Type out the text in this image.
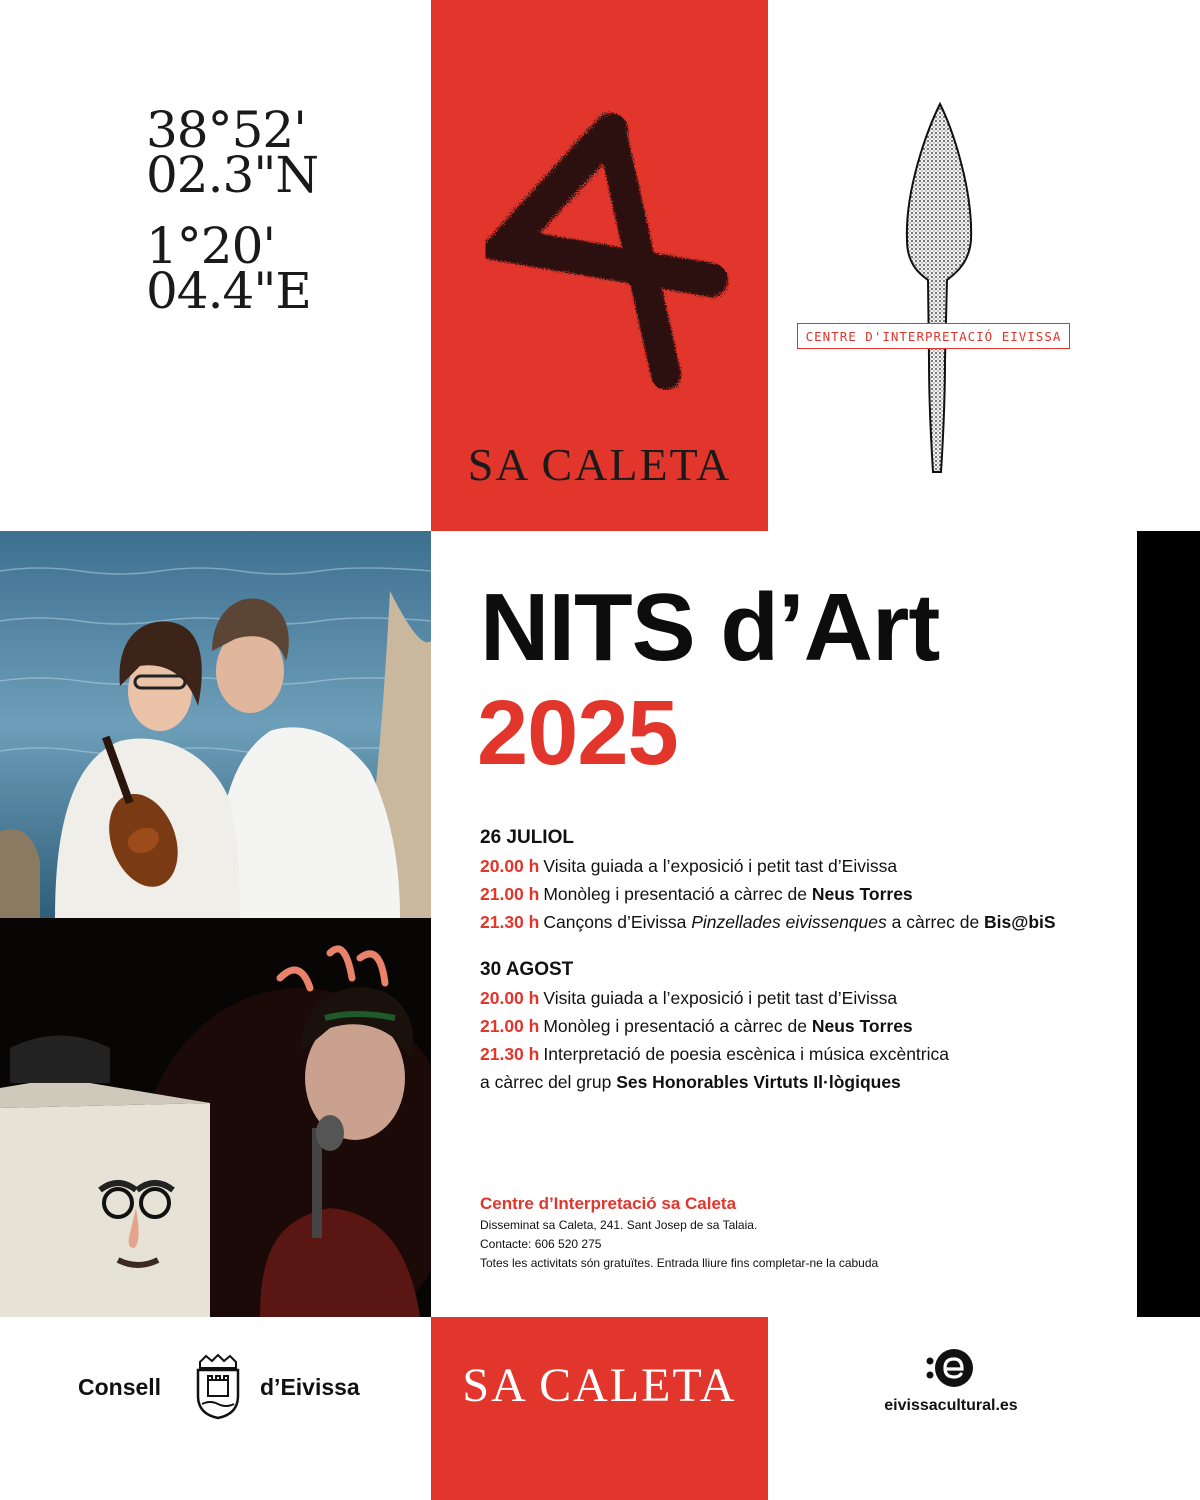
38°52'
02.3"N
1°20'
04.4"E
SA CALETA
CENTRE D'INTERPRETACIÓ EIVISSA
NITS d’Art
2025
26 JULIOL
20.00 h Visita guiada a l’exposició i petit tast d’Eivissa
21.00 h Monòleg i presentació a càrrec de Neus Torres
21.30 h Cançons d’Eivissa Pinzellades eivissenques a càrrec de Bis@biS
30 AGOST
20.00 h Visita guiada a l’exposició i petit tast d’Eivissa
21.00 h Monòleg i presentació a càrrec de Neus Torres
21.30 h Interpretació de poesia escènica i música excèntrica
a càrrec del grup Ses Honorables Virtuts Il·lògiques
Centre d’Interpretació sa Caleta
Disseminat sa Caleta, 241. Sant Josep de sa Talaia.
Contacte: 606 520 275
Totes les activitats són gratuïtes. Entrada lliure fins completar-ne la cabuda
Consell	d’Eivissa	SA CALETA	eivissacultural.es
